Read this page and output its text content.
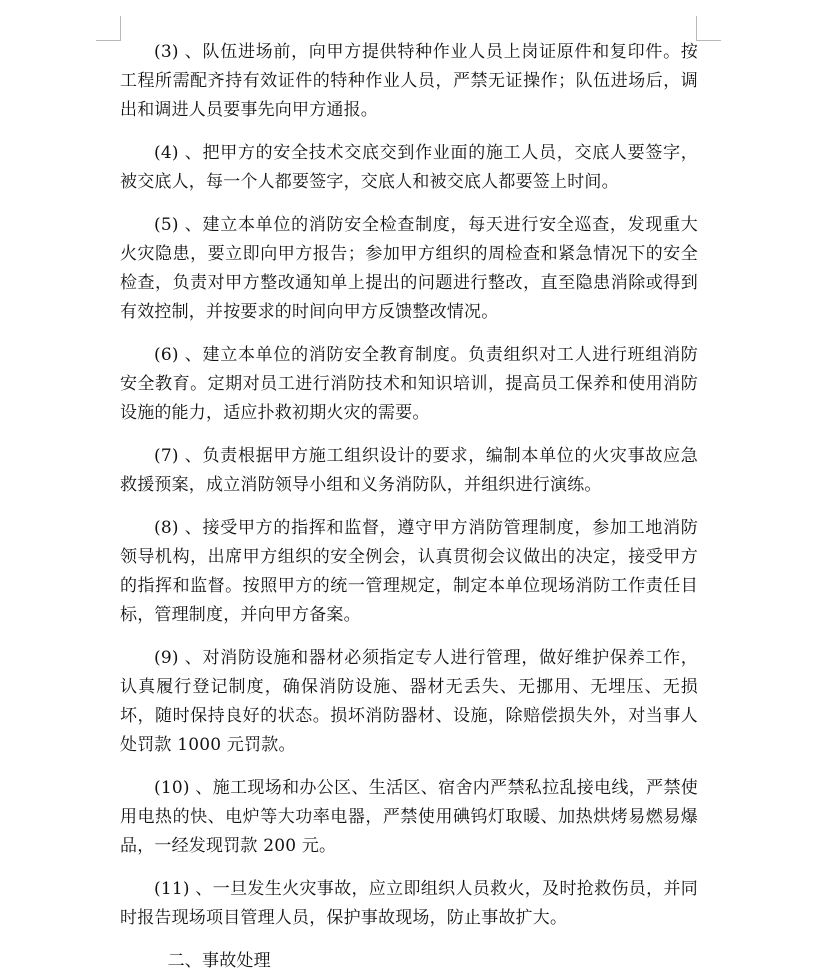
(3) 、队伍进场前，向甲方提供特种作业人员上岗证原件和复印件。按工程所需配齐持有效证件的特种作业人员，严禁无证操作；队伍进场后，调出和调进人员要事先向甲方通报。

(4) 、把甲方的安全技术交底交到作业面的施工人员，交底人要签字，被交底人，每一个人都要签字，交底人和被交底人都要签上时间。

(5) 、建立本单位的消防安全检查制度，每天进行安全巡查，发现重大火灾隐患，要立即向甲方报告；参加甲方组织的周检查和紧急情况下的安全检查，负责对甲方整改通知单上提出的问题进行整改，直至隐患消除或得到有效控制，并按要求的时间向甲方反馈整改情况。

(6) 、建立本单位的消防安全教育制度。负责组织对工人进行班组消防安全教育。定期对员工进行消防技术和知识培训，提高员工保养和使用消防设施的能力，适应扑救初期火灾的需要。

(7) 、负责根据甲方施工组织设计的要求，编制本单位的火灾事故应急救援预案，成立消防领导小组和义务消防队，并组织进行演练。

(8) 、接受甲方的指挥和监督，遵守甲方消防管理制度，参加工地消防领导机构，出席甲方组织的安全例会，认真贯彻会议做出的决定，接受甲方的指挥和监督。按照甲方的统一管理规定，制定本单位现场消防工作责任目标，管理制度，并向甲方备案。

(9) 、对消防设施和器材必须指定专人进行管理，做好维护保养工作，认真履行登记制度，确保消防设施、器材无丢失、无挪用、无埋压、无损坏，随时保持良好的状态。损坏消防器材、设施，除赔偿损失外，对当事人处罚款 1000 元罚款。

(10) 、施工现场和办公区、生活区、宿舍内严禁私拉乱接电线，严禁使用电热的快、电炉等大功率电器，严禁使用碘钨灯取暖、加热烘烤易燃易爆品，一经发现罚款 200 元。

(11) 、一旦发生火灾事故，应立即组织人员救火，及时抢救伤员，并同时报告现场项目管理人员，保护事故现场，防止事故扩大。

二、事故处理
